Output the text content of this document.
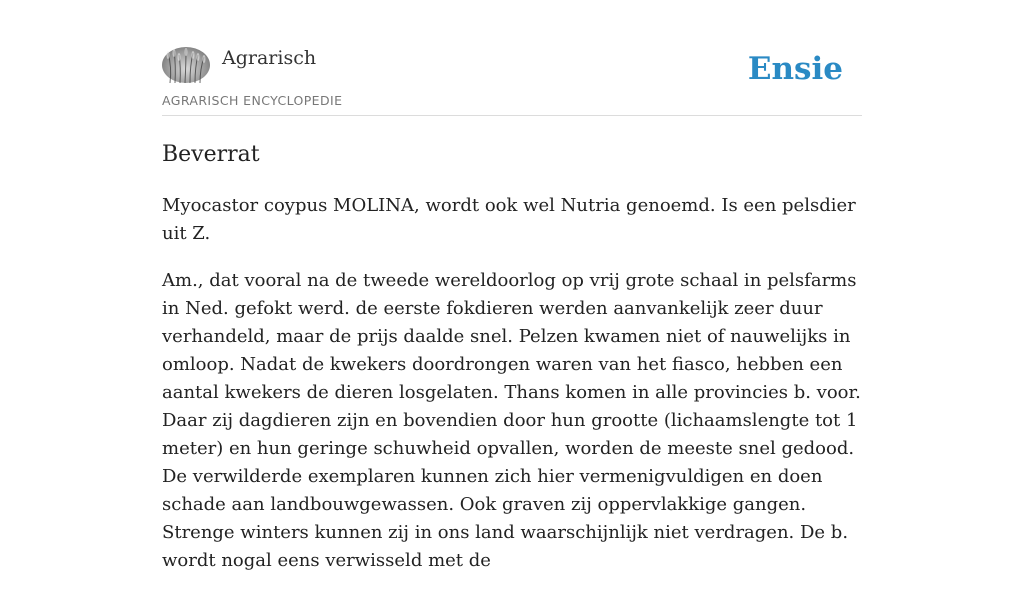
Agrarisch
AGRARISCH ENCYCLOPEDIE
Ensie
Beverrat

Myocastor coypus MOLINA, wordt ook wel Nutria genoemd. Is een pelsdier uit Z.

Am., dat vooral na de tweede wereldoorlog op vrij grote schaal in pelsfarms in Ned. gefokt werd. de eerste fokdieren werden aanvankelijk zeer duur verhandeld, maar de prijs daalde snel. Pelzen kwamen niet of nauwelijks in omloop. Nadat de kwekers doordrongen waren van het fiasco, hebben een aantal kwekers de dieren losgelaten. Thans komen in alle provincies b. voor. Daar zij dagdieren zijn en bovendien door hun grootte (lichaamslengte tot 1 meter) en hun geringe schuwheid opvallen, worden de meeste snel gedood. De verwilderde exemplaren kunnen zich hier vermenigvuldigen en doen schade aan landbouwgewassen. Ook graven zij oppervlakkige gangen. Strenge winters kunnen zij in ons land waarschijnlijk niet verdragen. De b. wordt nogal eens verwisseld met de
